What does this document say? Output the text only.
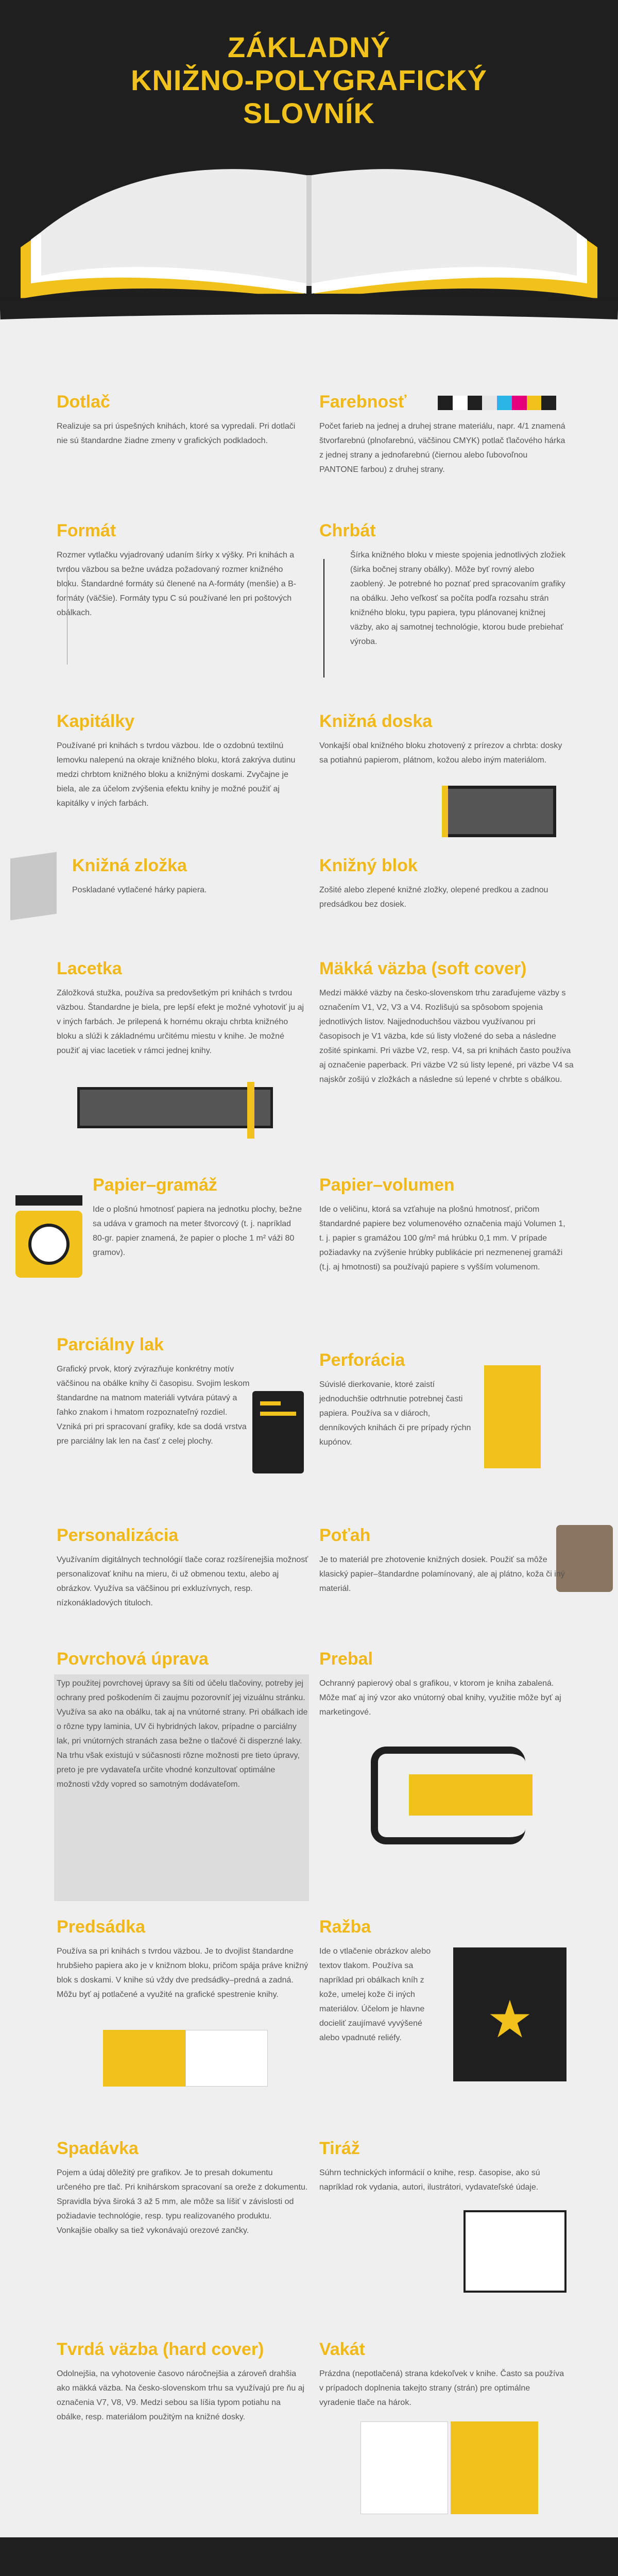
ZÁKLADNÝ
KNIŽNO-POLYGRAFICKÝ
SLOVNÍK
Dotlač

Realizuje sa pri úspešných knihách, ktoré sa vypredali. Pri dotlači nie sú štandardne žiadne zmeny v grafických podkladoch.

Farebnosť

Počet farieb na jednej a druhej strane materiálu, napr. 4/1 znamená štvorfarebnú (plnofarebnú, väčšinou CMYK) potlač ťlačového hárka z jednej strany a jednofarebnú (čiernou alebo ľubovoľnou PANTONE farbou) z druhej strany.

Formát

Rozmer vytlačku vyjadrovaný udaním šírky x výšky. Pri knihách a tvrdou väzbou sa bežne uvádza požadovaný rozmer knižného bloku. Štandardné formáty sú členené na A-formáty (menšie) a B-formáty (väčšie). Formáty typu C sú používané len pri poštových obálkach.

Chrbát

Šírka knižného bloku v mieste spojenia jednotlivých zložiek (širka bočnej strany obálky). Môže byť rovný alebo zaoblený. Je potrebné ho poznať pred spracovaním grafiky na obálku. Jeho veľkosť sa počíta podľa rozsahu strán knižného bloku, typu papiera, typu plánovanej knižnej väzby, ako aj samotnej technológie, ktorou bude prebiehať výroba.

Kapitálky

Používané pri knihách s tvrdou väzbou. Ide o ozdobnú textilnú lemovku nalepenú na okraje knižného bloku, ktorá zakrýva dutinu medzi chrbtom knižného bloku a knižnými doskami. Zvyčajne je biela, ale za účelom zvýšenia efektu knihy je možné použiť aj kapitálky v iných farbách.

Knižná doska

Vonkajší obal knižného bloku zhotovený z prírezov a chrbta: dosky sa potiahnú papierom, plátnom, kožou alebo iným materiálom.

Knižná zložka

Poskladané vytlačené hárky papiera.

Knižný blok

Zošité alebo zlepené knižné zložky, olepené predkou a zadnou predsádkou bez dosiek.

Lacetka

Záložková stužka, používa sa predovšetkým pri knihách s tvrdou väzbou. Štandardne je biela, pre lepší efekt je možné vyhotoviť ju aj v iných farbách. Je prilepená k hornému okraju chrbta knižného bloku a slúži k základnému určitému miestu v knihe. Je možné použiť aj viac lacetiek v rámci jednej knihy.

Mäkká väzba (soft cover)

Medzi mäkké väzby na česko-slovenskom trhu zaraďujeme väzby s označením V1, V2, V3 a V4. Rozlišujú sa spôsobom spojenia jednotlivých listov. Najjednoduchšou väzbou využívanou pri časopisoch je V1 väzba, kde sú listy vložené do seba a následne zošité spinkami. Pri väzbe V2, resp. V4, sa pri knihách často používa aj označenie paperback. Pri väzbe V2 sú listy lepené, pri väzbe V4 sa najskôr zošijú v zložkách a následne sú lepené v chrbte s obálkou.

Papier–gramáž

Ide o plošnú hmotnosť papiera na jednotku plochy, bežne sa udáva v gramoch na meter štvorcový (t. j. napríklad 80-gr. papier znamená, že papier o ploche 1 m² váži 80 gramov).

Papier–volumen

Ide o veličinu, ktorá sa vzťahuje na plošnú hmotnosť, pričom štandardné papiere bez volumenového označenia majú Volumen 1, t. j. papier s gramážou 100 g/m² má hrúbku 0,1 mm. V prípade požiadavky na zvýšenie hrúbky publikácie pri nezmenenej gramáži (t.j. aj hmotnosti) sa používajú papiere s vyšším volumenom.

Parciálny lak

Grafický prvok, ktorý zvýrazňuje konkrétny motív väčšinou na obálke knihy či časopisu. Svojim leskom štandardne na matnom materiáli vytvára pútavý a ľahko znakom i hmatom rozpoznateľný rozdiel. Vzniká pri pri spracovaní grafiky, kde sa dodá vrstva pre parciálny lak len na časť z celej plochy.

Perforácia

Súvislé dierkovanie, ktoré zaistí jednoduchšie odtrhnutie potrebnej časti papiera. Používa sa v diároch, denníkových knihách či pre prípady rýchn kupónov.

Personalizácia

Využívaním digitálnych technológií tlače coraz rozšírenejšia možnosť personalizovať knihu na mieru, či už obmenou textu, alebo aj obrázkov. Využíva sa väčšinou pri exkluzívnych, resp. nízkonákladových tituloch.

Poťah

Je to materiál pre zhotovenie knižných dosiek. Použiť sa môže klasický papier–štandardne polamínovaný, ale aj plátno, koža či iný materiál.

Povrchová úprava

Typ použitej povrchovej úpravy sa šíti od účelu tlačoviny, potreby jej ochrany pred poškodením či zaujmu pozorovníť jej vizuálnu stránku. Využíva sa ako na obálku, tak aj na vnútorné strany. Pri obálkach ide o rôzne typy laminia, UV či hybridných lakov, prípadne o parciálny lak, pri vnútorných stranách zasa bežne o tlačové či disperzné laky. Na trhu však existujú v súčasnosti rôzne možnosti pre tieto úpravy, preto je pre vydavateľa určite vhodné konzultovať optimálne možnosti vždy vopred so samotným dodávateľom.

Prebal

Ochranný papierový obal s grafikou, v ktorom je kniha zabalená. Môže mať aj iný vzor ako vnútorný obal knihy, využitie môže byť aj marketingové.

Predsádka

Používa sa pri knihách s tvrdou väzbou. Je to dvojlist štandardne hrubšieho papiera ako je v knižnom bloku, pričom spája práve knižný blok s doskami. V knihe sú vždy dve predsádky–predná a zadná. Môžu byť aj potlačené a využité na grafické spestrenie knihy.

Ražba

Ide o vtlačenie obrázkov alebo textov tlakom. Používa sa napríklad pri obálkach kníh z kože, umelej kože či iných materiálov. Účelom je hlavne docieliť zaujímavé vyvýšené alebo vpadnuté reliéfy.	★
Spadávka

Pojem a údaj dôležitý pre grafikov. Je to presah dokumentu určeného pre tlač. Pri knihárskom spracovaní sa oreže z dokumentu. Spravidla býva široká 3 až 5 mm, ale môže sa líšiť v závislosti od požiadavie technológie, resp. typu realizovaného produktu. Vonkajšie obalky sa tiež vykonávajú orezové zančky.

Tiráž

Súhrn technických informácií o knihe, resp. časopise, ako sú napríklad rok vydania, autori, ilustrátori, vydavateľské údaje.

Tvrdá väzba (hard cover)

Odolnejšia, na vyhotovenie časovo náročnejšia a zároveň drahšia ako mäkká väzba. Na česko-slovenskom trhu sa využívajú pre ňu aj označenia V7, V8, V9. Medzi sebou sa líšia typom potiahu na obálke, resp. materiálom použitým na knižné dosky.

Vakát

Prázdna (nepotlačená) strana kdekoľvek v knihe. Často sa používa v prípadoch doplnenia takejto strany (strán) pre optimálne vyradenie tlače na hárok.
